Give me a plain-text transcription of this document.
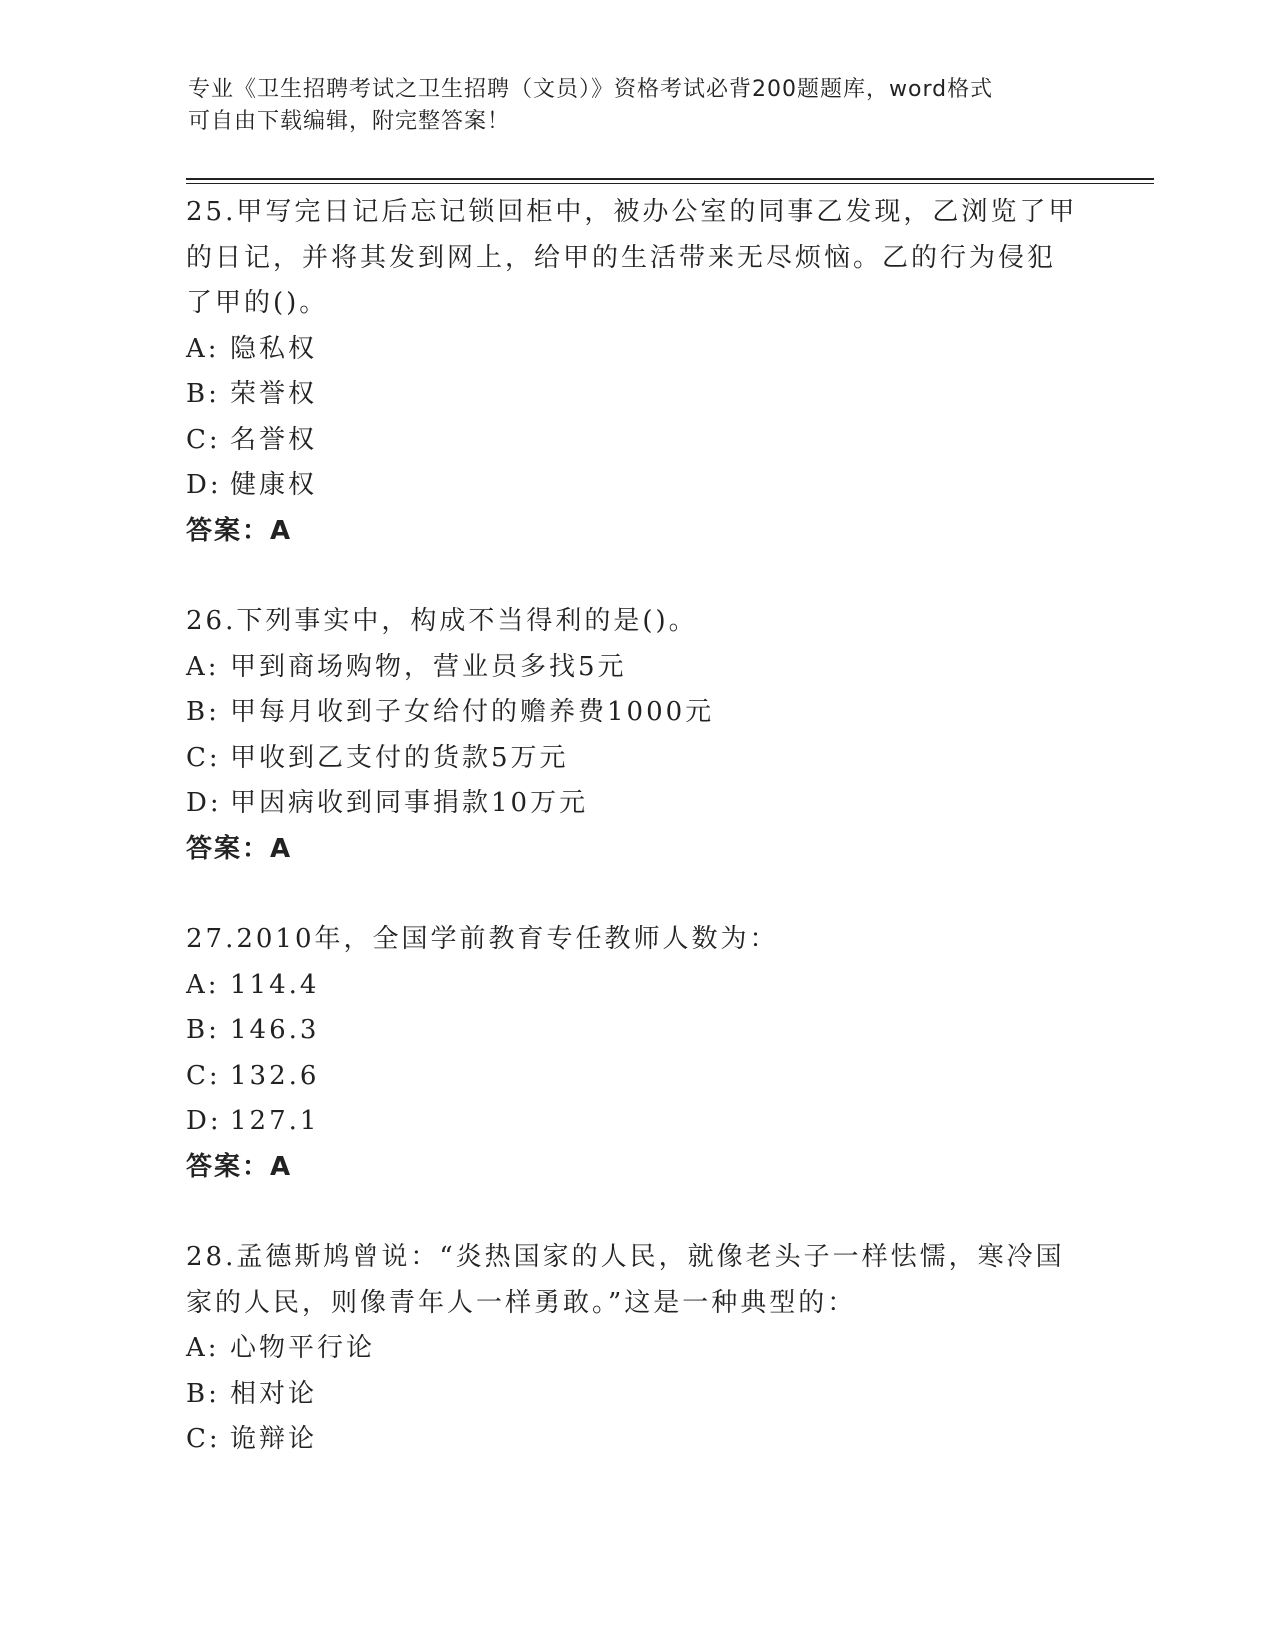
专业《卫生招聘考试之卫生招聘（文员）》资格考试必背200题题库，word格式
可自由下载编辑，附完整答案！

25.甲写完日记后忘记锁回柜中，被办公室的同事乙发现，乙浏览了甲

的日记，并将其发到网上，给甲的生活带来无尽烦恼。乙的行为侵犯

了甲的()。

A: 隐私权

B: 荣誉权

C: 名誉权

D: 健康权

答案：A

26.下列事实中，构成不当得利的是()。

A: 甲到商场购物，营业员多找5元

B: 甲每月收到子女给付的赡养费1000元

C: 甲收到乙支付的货款5万元

D: 甲因病收到同事捐款10万元

答案：A

27.2010年，全国学前教育专任教师人数为：

A: 114.4

B: 146.3

C: 132.6

D: 127.1

答案：A

28.孟德斯鸠曾说：“炎热国家的人民，就像老头子一样怯懦，寒冷国

家的人民，则像青年人一样勇敢。”这是一种典型的：

A: 心物平行论

B: 相对论

C: 诡辩论
